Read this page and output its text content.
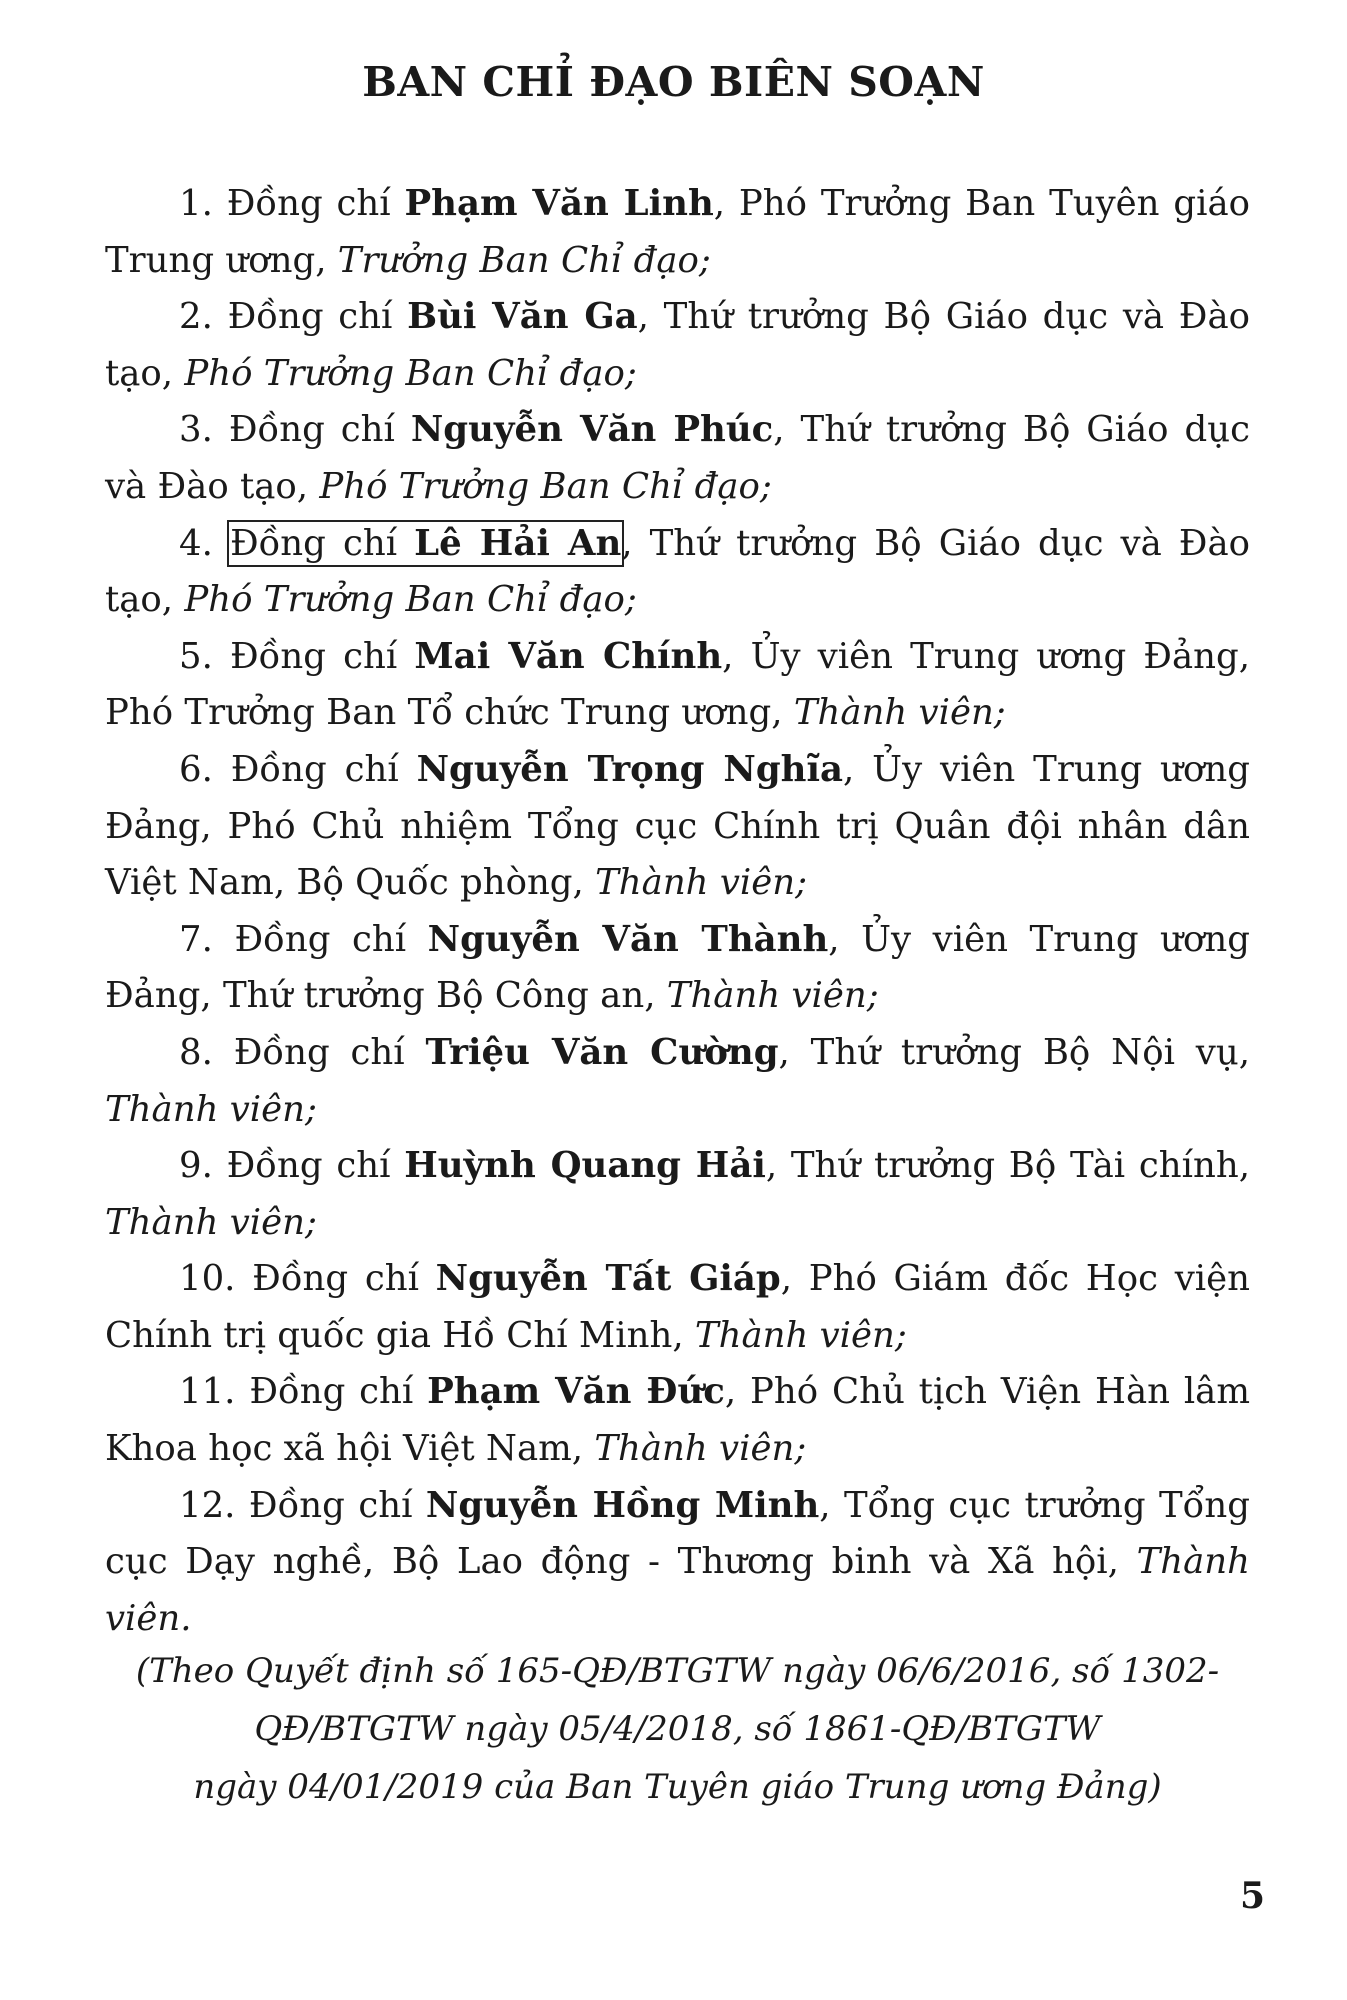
BAN CHỈ ĐẠO BIÊN SOẠN
1. Đồng chí Phạm Văn Linh, Phó Trưởng Ban Tuyên giáo Trung ương, Trưởng Ban Chỉ đạo;
2. Đồng chí Bùi Văn Ga, Thứ trưởng Bộ Giáo dục và Đào tạo, Phó Trưởng Ban Chỉ đạo;
3. Đồng chí Nguyễn Văn Phúc, Thứ trưởng Bộ Giáo dục và Đào tạo, Phó Trưởng Ban Chỉ đạo;
4. Đồng chí Lê Hải An, Thứ trưởng Bộ Giáo dục và Đào tạo, Phó Trưởng Ban Chỉ đạo;
5. Đồng chí Mai Văn Chính, Ủy viên Trung ương Đảng, Phó Trưởng Ban Tổ chức Trung ương, Thành viên;
6. Đồng chí Nguyễn Trọng Nghĩa, Ủy viên Trung ương Đảng, Phó Chủ nhiệm Tổng cục Chính trị Quân đội nhân dân Việt Nam, Bộ Quốc phòng, Thành viên;
7. Đồng chí Nguyễn Văn Thành, Ủy viên Trung ương Đảng, Thứ trưởng Bộ Công an, Thành viên;
8. Đồng chí Triệu Văn Cường, Thứ trưởng Bộ Nội vụ, Thành viên;
9. Đồng chí Huỳnh Quang Hải, Thứ trưởng Bộ Tài chính, Thành viên;
10. Đồng chí Nguyễn Tất Giáp, Phó Giám đốc Học viện Chính trị quốc gia Hồ Chí Minh, Thành viên;
11. Đồng chí Phạm Văn Đức, Phó Chủ tịch Viện Hàn lâm Khoa học xã hội Việt Nam, Thành viên;
12. Đồng chí Nguyễn Hồng Minh, Tổng cục trưởng Tổng cục Dạy nghề, Bộ Lao động - Thương binh và Xã hội, Thành viên.
(Theo Quyết định số 165-QĐ/BTGTW ngày 06/6/2016, số 1302-
QĐ/BTGTW ngày 05/4/2018, số 1861-QĐ/BTGTW
ngày 04/01/2019 của Ban Tuyên giáo Trung ương Đảng)
5
